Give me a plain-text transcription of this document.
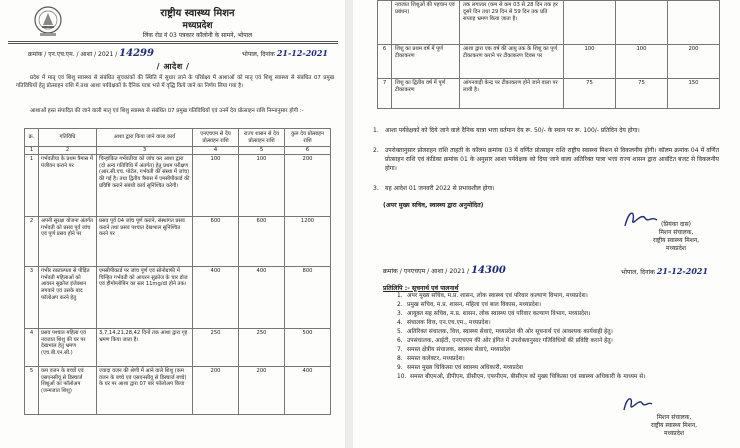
राष्ट्रीय स्वास्थ्य मिशन
मध्यप्रदेश
लिंक रोड नं 03 पत्रकार कॉलोनी के सामने, भोपाल
क्रमांक / एन.एच.एम. / आशा / 2021 / 14299	भोपाल, दिनांक 21-12-2021
/ आदेश /
प्रदेश में मातृ एवं शिशु स्वास्थ्य से संबंधित सूचकांकों की स्थिति में सुधार लाने के परिप्रेक्ष्य में आशाओं को मातृ एवं शिशु स्वास्थ्य से संबंधित 07 प्रमुख गतिविधियों हेतु प्रोत्साहन राशि में तथा आशा पर्यवेक्षकों के दैनिक यात्रा भत्ते में वृद्धि किये जाने का निर्णय लिया गया है।
आशाओं हस्त संपादित की जाने वाली मातृ एवं शिशु स्वास्थ्य से संबंधित 07 प्रमुख गतिविधियों एवं उनमें देय प्रोत्साहन राशि निम्नानुसार होगी :-
क्र.	गतिविधि	आशा द्वारा किया जाने वाला कार्य	एनएचएम से देय प्रोत्साहन राशि	राज्य शासन से देय प्रोत्साहन राशि	कुल देय प्रोत्साहन राशि
1	2	3	4	5	6
1	गर्भवतीया के प्रथम त्रैमास में पंजीयन कराने पर	चिन्हांकित गर्भवतीया को जांच कर आशा द्वारा (दो अन्य गतिविधि में अंतर्गत) हेतु प्रथम परीक्षण (आर.सी.एच. पोर्टल, गर्भवती की संस्था में जांच) की गई है। तथा द्वितीय त्रैमास में एमसीपीकार्ड की प्रविष्टि कराने संबंधी कार्य सुनिश्चित करेगी।	100	100	200
2	अपनी सुरक्षा योजना अंतर्गत गर्भवती को प्रसव पूर्व जांच एवं पूर्ण प्रसव होने पर	प्रसव पूर्व 04 जांच पूर्ण कराने, संस्थागत प्रसव कराने तथा प्रसव पश्चात देखभाल सुनिश्चित करने पर	600	600	1200
3	गंभीर रक्ताल्पता से पीड़ित गर्भवती महिलाओं को आयरन सुक्रोज इंजेक्शन लगवाने एवं उसके बाद फॉलोअप करने हेतु	एमसीपीकार्ड पर जांच पूर्ण एवं सोनोग्राफी में चिन्हित गर्भवती को आयरन सुक्रोज के चार डोज एवं हीमोग्लोबिन का स्तर 11mg/dl होने तक।	400	400	800
4	प्रसव पश्चात महिला एवं नवजात शिशु की घर पर देखभाल हेतु भ्रमण (एच.बी.एन.सी.)	3,7,14,21,28,42 दिनों तक आशा द्वारा गृह भ्रमण किया जाता है।	250	250	500
5	कम वजन के बच्चों एवं एसएनसीयू से डिस्चार्ज शिशुओं का फॉलोअप (जन्मजात शिशु)	ज्यादा वजन की श्रेणी में आने वाले शिशु (कम वजन के बच्चे एवं एसएनसीयू से डिस्चार्ज बच्चे) के घर पर आशा द्वारा 07 बार फॉलोअप किया	200	200	400
	नवजात शिशुओं की पहचान एवं प्रबंधन)	तक लगातार (कम से कम 03 से 28 दिन तक हर दूसरे दिन तथा 29 दिन से 59 दिन तक प्रति सप्ताह भ्रमण किया जाता है।			
6	शिशु का प्रथम वर्ष में पूर्ण टीकाकरण	आशा द्वारा एक वर्ष की आयु तक के शिशु का पूर्ण टीकाकरण कराने पर टीकाकरण दिवस पर	100	100	200
7	शिशु का द्वितीय वर्ष में पूर्ण टीकाकरण	आंगनवाड़ी केन्द्र पर टीकाकरण होने जाने वाला पर लायी है।	75	75	150
1.	आशा पर्यवेक्षकों को दिये जाने वाले दैनिक यात्रा भत्ता वर्तमान देय रू. 50/- के स्थान पर रू. 100/- प्रतिदिन देय होगा।
2.	उपरोक्तानुसार प्रोत्साहन राशि ताहती के कॉलम क्रमांक 03 में वर्णित प्रोत्साहन राशि राष्ट्रीय स्वास्थ्य मिशन से विकलनीय होगी। कॉलम क्रमांक 04 में वर्णित प्रोत्साहन राशि एवं कंडिका क्रमांक 01 के अनुसार आशा पर्यवेक्षक को दिया जाने वाला अतिरिक्त यात्रा भत्ता राज्य शासन द्वारा आवंटित बजट से विकलनीय होगा।
3.	यह आदेश 01 जनवरी 2022 से प्रभावशील होगा।
(अपर मुख्य सचिव, स्वास्थ्य द्वारा अनुमोदित)
(प्रियंका दास)
मिशन संचालक,
राष्ट्रीय स्वास्थ्य मिशन,
मध्यप्रदेश
क्रमांक / एनएचएम / आशा / 2021 / 14300	भोपाल, दिनांक 21-12-2021
प्रतिलिपि :- सूचनार्थ एवं पालनार्थ
1. अपर मुख्य सचिव, म.प्र. शासन, लोक स्वास्थ्य एवं परिवार कल्याण विभाग, मध्यप्रदेश।
2. प्रमुख सचिव, म.प्र. शासन, महिला एवं बाल विकास, मध्यप्रदेश।
3. आयुक्त सह सचिव, म.प्र. शासन, लोक स्वास्थ्य एवं परिवार कल्याण विभाग, मध्यप्रदेश।
4. संचालक वित्त, एन.एच.एम., मध्यप्रदेश।
5. अतिरिक्त संचालक, वित्त, स्वास्थ्य सेवाएं, मध्यप्रदेश की ओर सूचनार्थ एवं आवश्यक कार्यवाही हेतु।
6. उपसंचालक, आईटी, एनएचएम की ओर इंगित में उपरोक्तानुसार गतिविधियों की प्रविष्टि कराने हेतु।
7. समस्त क्षेत्रीय संचालक, स्वास्थ्य सेवाएं, मध्यप्रदेश
8. समस्त कलेक्टर, मध्यप्रदेश।
9. समस्त मुख्य चिकित्सा एवं स्वास्थ्य अधिकारी, मध्यप्रदेश
10. समस्त बीएमओ, डीपीएम, डीसीएम, एफपीएम, बीसीएम को मुख्य चिकित्सा एवं स्वास्थ्य अधिकारी के माध्यम से।
मिशन संचालक,
राष्ट्रीय स्वास्थ्य मिशन,
मध्यप्रदेश
